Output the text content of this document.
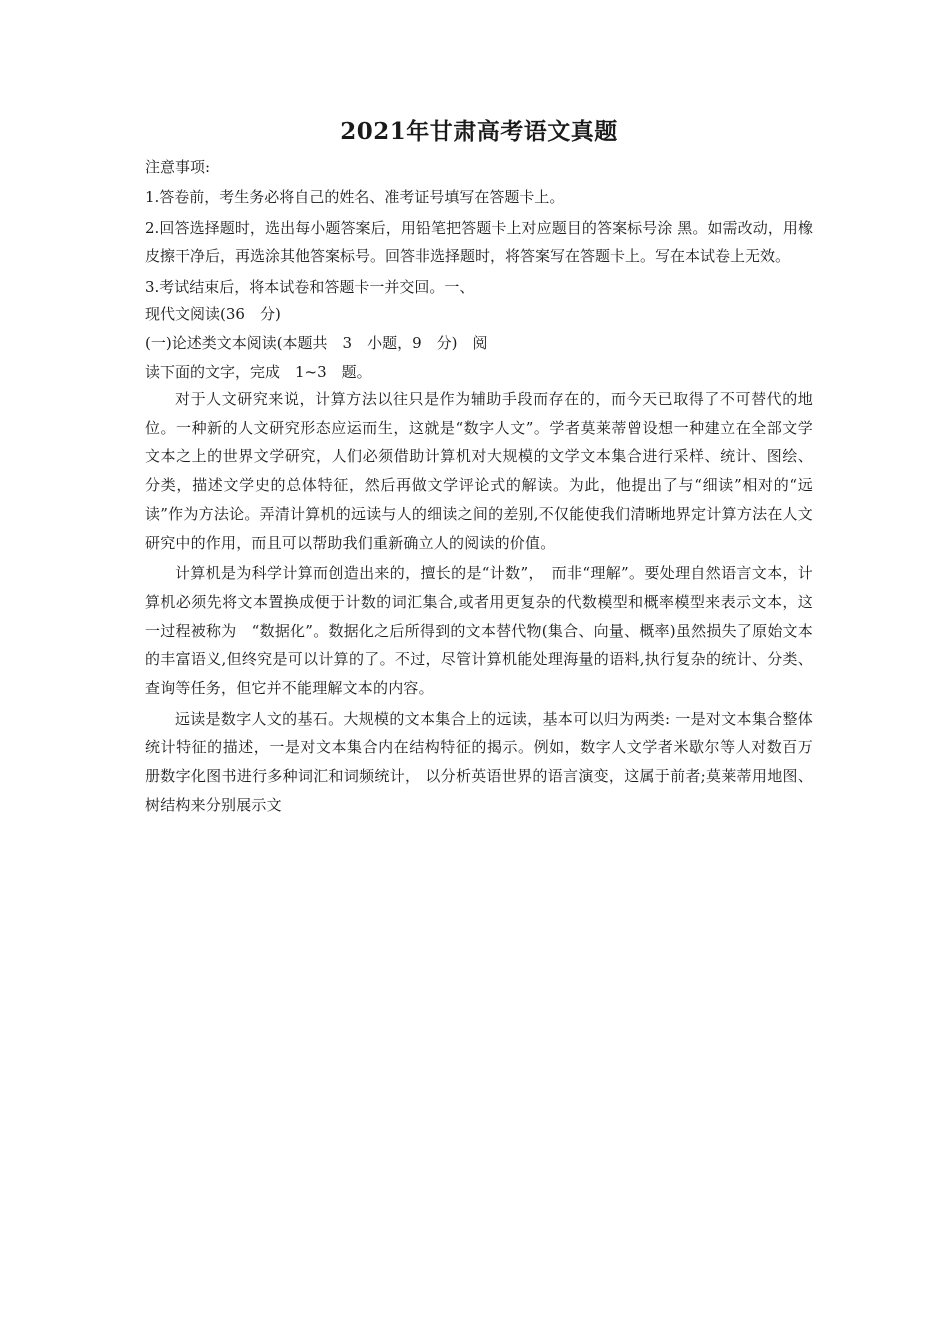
2021年甘肃高考语文真题

注意事项:

1.答卷前，考生务必将自己的姓名、准考证号填写在答题卡上。

2.回答选择题时，选出每小题答案后，用铅笔把答题卡上对应题目的答案标号涂 黑。如需改动，用橡皮擦干净后，再选涂其他答案标号。回答非选择题时，将答案写在答题卡上。写在本试卷上无效。

3.考试结束后，将本试卷和答题卡一并交回。一、

现代文阅读(36　分)

(一)论述类文本阅读(本题共　3　小题，9　分)　阅

读下面的文字，完成　1~3　题。

对于人文研究来说，计算方法以往只是作为辅助手段而存在的，而今天已取得了不可替代的地位。一种新的人文研究形态应运而生，这就是“数字人文”。学者莫莱蒂曾设想一种建立在全部文学文本之上的世界文学研究，人们必须借助计算机对大规模的文学文本集合进行采样、统计、图绘、分类，描述文学史的总体特征，然后再做文学评论式的解读。为此，他提出了与“细读”相对的“远读”作为方法论。弄清计算机的远读与人的细读之间的差别,不仅能使我们清晰地界定计算方法在人文研究中的作用，而且可以帮助我们重新确立人的阅读的价值。

计算机是为科学计算而创造出来的，擅长的是“计数”，　而非“理解”。要处理自然语言文本，计算机必须先将文本置换成便于计数的词汇集合,或者用更复杂的代数模型和概率模型来表示文本，这一过程被称为　“数据化”。数据化之后所得到的文本替代物(集合、向量、概率)虽然损失了原始文本的丰富语义,但终究是可以计算的了。不过，尽管计算机能处理海量的语料,执行复杂的统计、分类、查询等任务，但它并不能理解文本的内容。

远读是数字人文的基石。大规模的文本集合上的远读，基本可以归为两类: 一是对文本集合整体统计特征的描述，一是对文本集合内在结构特征的揭示。例如，数字人文学者米歇尔等人对数百万册数字化图书进行多种词汇和词频统计， 以分析英语世界的语言演变，这属于前者;莫莱蒂用地图、树结构来分别展示文
